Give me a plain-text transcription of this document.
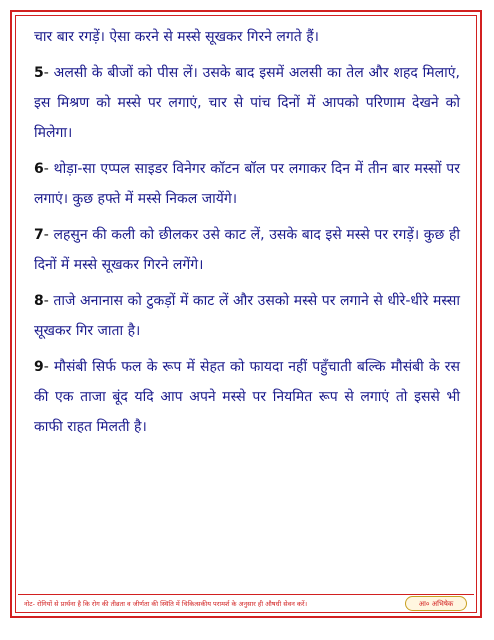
चार बार रगड़ें। ऐसा करने से मस्से सूखकर गिरने लगते हैं।

5- अलसी के बीजों को पीस लें। उसके बाद इसमें अलसी का तेल और शहद मिलाएं, इस मिश्रण को मस्से पर लगाएं, चार से पांच दिनों में आपको परिणाम देखने को मिलेगा।

6- थोड़ा-सा एप्पल साइडर विनेगर कॉटन बॉल पर लगाकर दिन में तीन बार मस्सों पर लगाएं। कुछ हफ्ते में मस्से निकल जायेंगे।

7- लहसुन की कली को छीलकर उसे काट लें, उसके बाद इसे मस्से पर रगड़ें। कुछ ही दिनों में मस्से सूखकर गिरने लगेंगे।

8- ताजे अनानास को टुकड़ों में काट लें और उसको मस्से पर लगाने से धीरे-धीरे मस्सा सूखकर गिर जाता है।

9- मौसंबी सिर्फ फल के रूप में सेहत को फायदा नहीं पहुँचाती बल्कि मौसंबी के रस की एक ताजा बूंद यदि आप अपने मस्से पर नियमित रूप से लगाएं तो इससे भी काफी राहत मिलती है।

नोट- रोगियों से प्रार्थना है कि रोग की तीव्रता व जीर्णता की स्थिति में चिकित्सकीय परामर्श के अनुसार ही औषधी सेवन करें।	आ० अभिषेक
